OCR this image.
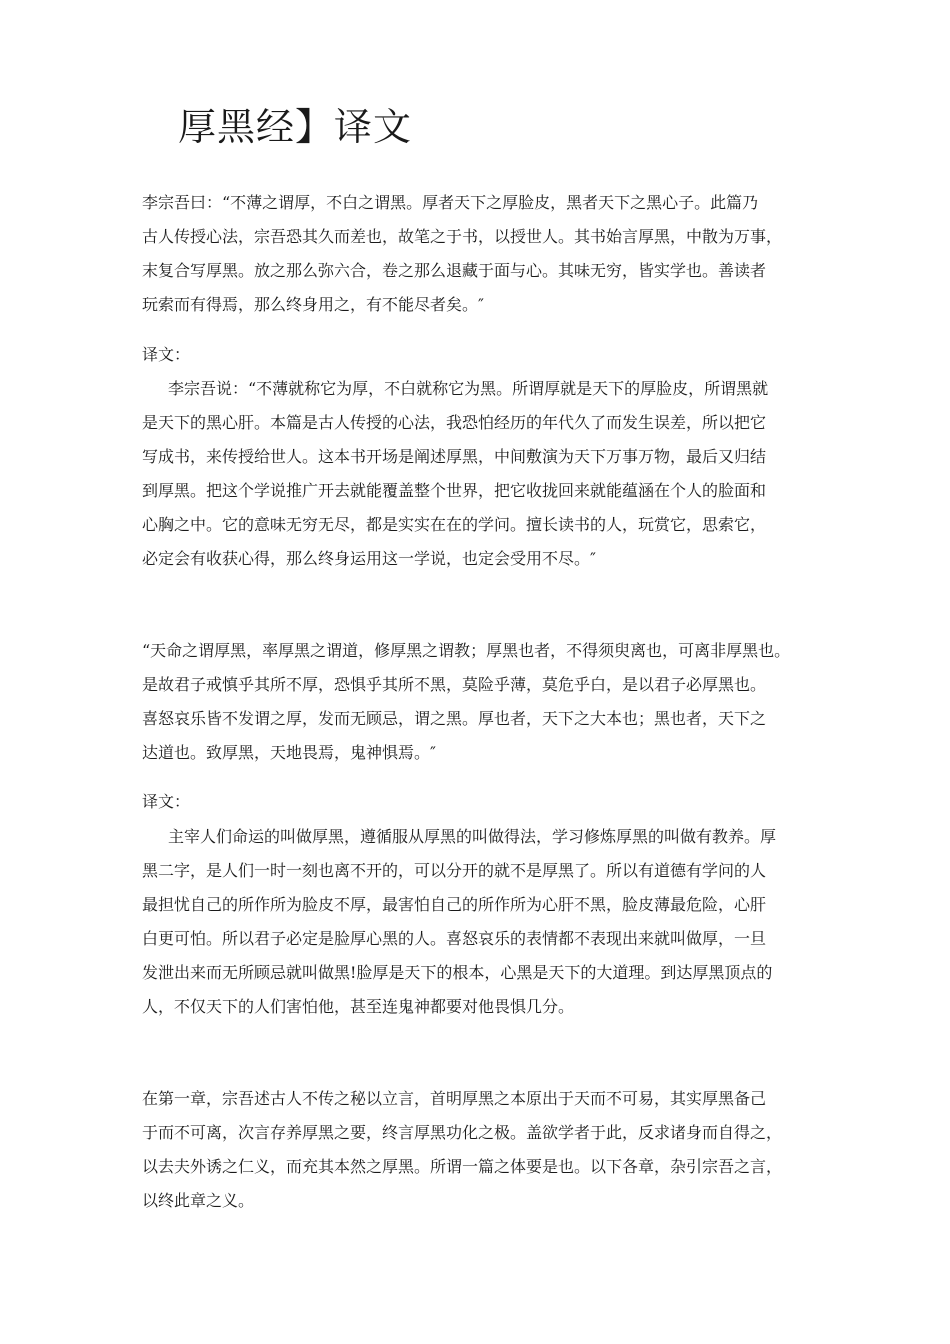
厚黑经】译文
李宗吾曰：“不薄之谓厚，不白之谓黑。厚者天下之厚脸皮，黑者天下之黑心子。此篇乃
古人传授心法，宗吾恐其久而差也，故笔之于书，以授世人。其书始言厚黑，中散为万事，
末复合写厚黑。放之那么弥六合，卷之那么退藏于面与心。其味无穷，皆实学也。善读者
玩索而有得焉，那么终身用之，有不能尽者矣。″
译文：
李宗吾说：“不薄就称它为厚，不白就称它为黑。所谓厚就是天下的厚脸皮，所谓黑就
是天下的黑心肝。本篇是古人传授的心法，我恐怕经历的年代久了而发生误差，所以把它
写成书，来传授给世人。这本书开场是阐述厚黑，中间敷演为天下万事万物，最后又归结
到厚黑。把这个学说推广开去就能覆盖整个世界，把它收拢回来就能蕴涵在个人的脸面和
心胸之中。它的意味无穷无尽，都是实实在在的学问。擅长读书的人，玩赏它，思索它，
必定会有收获心得，那么终身运用这一学说，也定会受用不尽。″
“天命之谓厚黑，率厚黑之谓道，修厚黑之谓教；厚黑也者，不得须臾离也，可离非厚黑也。
是故君子戒慎乎其所不厚，恐惧乎其所不黑，莫险乎薄，莫危乎白，是以君子必厚黑也。
喜怒哀乐皆不发谓之厚，发而无顾忌，谓之黑。厚也者，天下之大本也；黑也者，天下之
达道也。致厚黑，天地畏焉，鬼神惧焉。″
译文：
主宰人们命运的叫做厚黑，遵循服从厚黑的叫做得法，学习修炼厚黑的叫做有教养。厚
黑二字，是人们一时一刻也离不开的，可以分开的就不是厚黑了。所以有道德有学问的人
最担忧自己的所作所为脸皮不厚，最害怕自己的所作所为心肝不黑，脸皮薄最危险，心肝
白更可怕。所以君子必定是脸厚心黑的人。喜怒哀乐的表情都不表现出来就叫做厚，一旦
发泄出来而无所顾忌就叫做黑!脸厚是天下的根本，心黑是天下的大道理。到达厚黑顶点的
人，不仅天下的人们害怕他，甚至连鬼神都要对他畏惧几分。
在第一章，宗吾述古人不传之秘以立言，首明厚黑之本原出于天而不可易，其实厚黑备己
于而不可离，次言存养厚黑之要，终言厚黑功化之极。盖欲学者于此，反求诸身而自得之，
以去夫外诱之仁义，而充其本然之厚黑。所谓一篇之体要是也。以下各章，杂引宗吾之言，
以终此章之义。
